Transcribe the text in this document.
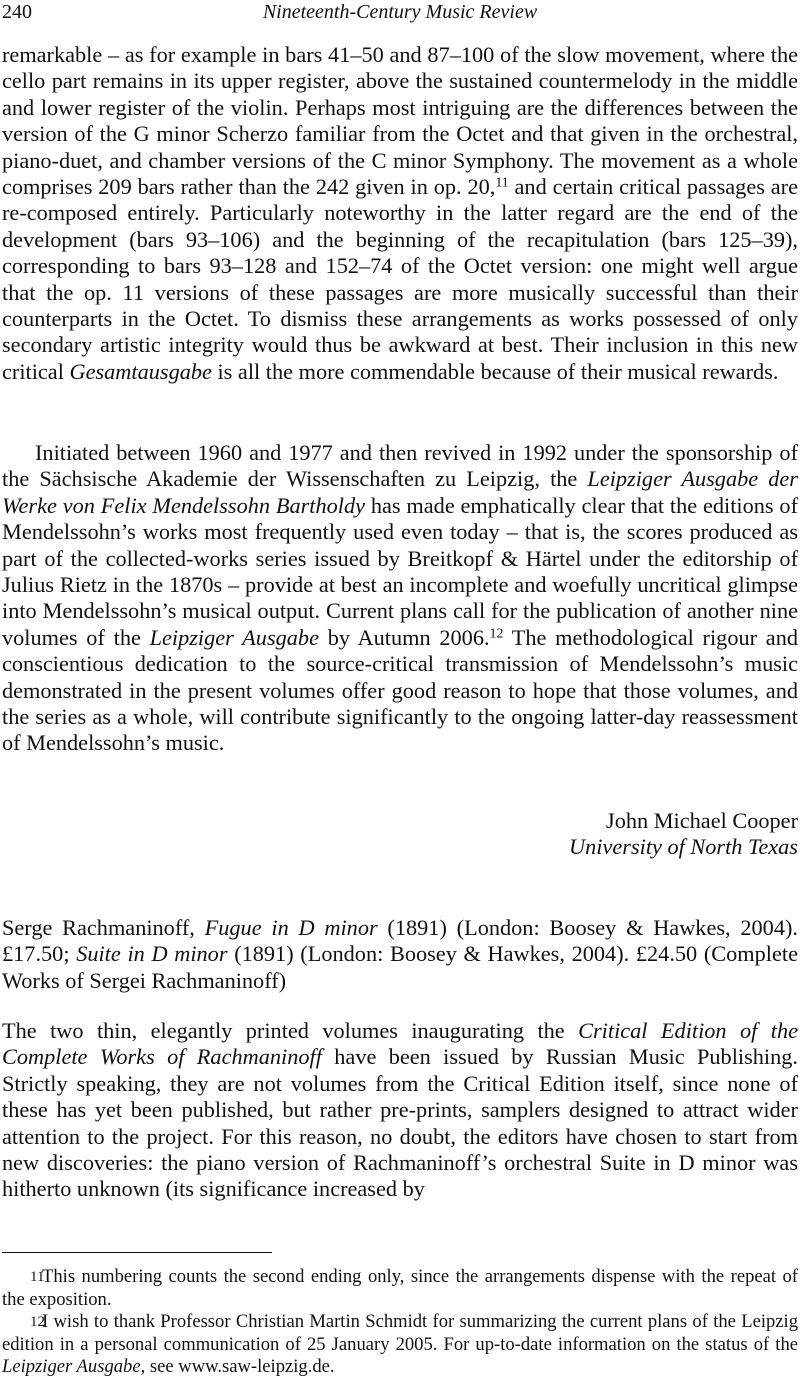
240	Nineteenth-Century Music Review

remarkable – as for example in bars 41–50 and 87–100 of the slow movement, where the cello part remains in its upper register, above the sustained countermelody in the middle and lower register of the violin. Perhaps most intriguing are the differences between the version of the G minor Scherzo familiar from the Octet and that given in the orchestral, piano-duet, and chamber versions of the C minor Symphony. The movement as a whole comprises 209 bars rather than the 242 given in op. 20,11 and certain critical passages are re-composed entirely. Particularly noteworthy in the latter regard are the end of the development (bars 93–106) and the beginning of the recapitulation (bars 125–39), corresponding to bars 93–128 and 152–74 of the Octet version: one might well argue that the op. 11 versions of these passages are more musically successful than their counterparts in the Octet. To dismiss these arrangements as works possessed of only secondary artistic integrity would thus be awkward at best. Their inclusion in this new critical Gesamtausgabe is all the more commendable because of their musical rewards.

Initiated between 1960 and 1977 and then revived in 1992 under the sponsorship of the Sächsische Akademie der Wissenschaften zu Leipzig, the Leipziger Ausgabe der Werke von Felix Mendelssohn Bartholdy has made emphatically clear that the editions of Mendelssohn’s works most frequently used even today – that is, the scores produced as part of the collected-works series issued by Breitkopf & Härtel under the editorship of Julius Rietz in the 1870s – provide at best an incomplete and woefully uncritical glimpse into Mendelssohn’s musical output. Current plans call for the publication of another nine volumes of the Leipziger Ausgabe by Autumn 2006.12 The methodological rigour and conscientious dedication to the source-critical transmission of Mendelssohn’s music demonstrated in the present volumes offer good reason to hope that those volumes, and the series as a whole, will contribute significantly to the ongoing latter-day reassessment of Mendelssohn’s music.

John Michael Cooper
University of North Texas

Serge Rachmaninoff, Fugue in D minor (1891) (London: Boosey & Hawkes, 2004). £17.50; Suite in D minor (1891) (London: Boosey & Hawkes, 2004). £24.50 (Complete Works of Sergei Rachmaninoff)

The two thin, elegantly printed volumes inaugurating the Critical Edition of the Complete Works of Rachmaninoff have been issued by Russian Music Publishing. Strictly speaking, they are not volumes from the Critical Edition itself, since none of these has yet been published, but rather pre-prints, samplers designed to attract wider attention to the project. For this reason, no doubt, the editors have chosen to start from new discoveries: the piano version of Rachmaninoff’s orchestral Suite in D minor was hitherto unknown (its significance increased by

11This numbering counts the second ending only, since the arrangements dispense with the repeat of the exposition.
12I wish to thank Professor Christian Martin Schmidt for summarizing the current plans of the Leipzig edition in a personal communication of 25 January 2005. For up-to-date information on the status of the Leipziger Ausgabe, see www.saw-leipzig.de.
